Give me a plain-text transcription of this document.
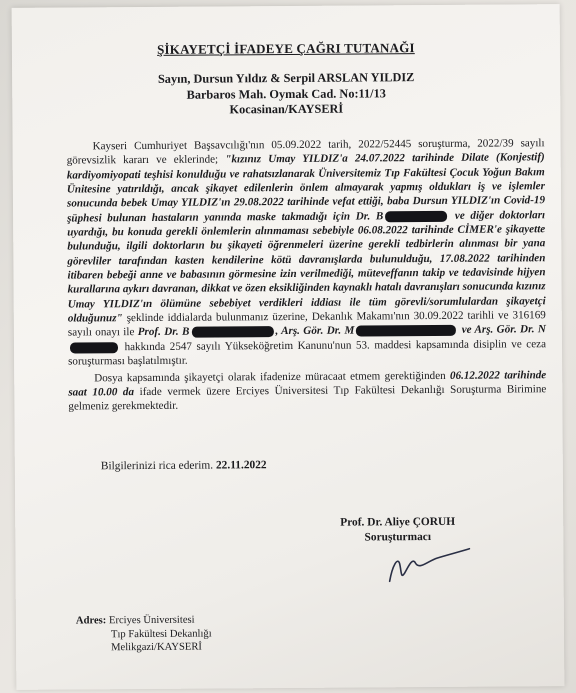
ŞİKAYETÇİ İFADEYE ÇAĞRI TUTANAĞI
Sayın, Dursun Yıldız & Serpil ARSLAN YILDIZ
Barbaros Mah. Oymak Cad. No:11/13
Kocasinan/KAYSERİ

Kayseri Cumhuriyet Başsavcılığı'nın 05.09.2022 tarih, 2022/52445 soruşturma, 2022/39 sayılı görevsizlik kararı ve eklerinde; "kızınız Umay YILDIZ'a 24.07.2022 tarihinde Dilate (Konjestif) kardiyomiyopati teşhisi konulduğu ve rahatsızlanarak Üniversitemiz Tıp Fakültesi Çocuk Yoğun Bakım Ünitesine yatırıldığı, ancak şikayet edilenlerin önlem almayarak yapmış oldukları iş ve işlemler sonucunda bebek Umay YILDIZ'ın 29.08.2022 tarihinde vefat ettiği, baba Dursun YILDIZ'ın Covid-19 şüphesi bulunan hastaların yanında maske takmadığı için Dr. B	ve diğer doktorları uyardığı, bu konuda gerekli önlemlerin alınmaması sebebiyle 06.08.2022 tarihinde CİMER'e şikayette bulunduğu, ilgili doktorların bu şikayeti öğrenmeleri üzerine gerekli tedbirlerin alınması bir yana görevliler tarafından kasten kendilerine kötü davranışlarda bulunulduğu, 17.08.2022 tarihinden itibaren bebeği anne ve babasının görmesine izin verilmediği, müteveffanın takip ve tedavisinde hijyen kurallarına aykırı davranan, dikkat ve özen eksikliğinden kaynaklı hatalı davranışları sonucunda kızınız Umay YILDIZ'ın ölümüne sebebiyet verdikleri iddiası ile tüm görevli/sorumlulardan şikayetçi olduğunuz" şeklinde iddialarda bulunmanız üzerine, Dekanlık Makamı'nın 30.09.2022 tarihli ve 316169 sayılı onayı ile Prof. Dr. B	, Arş. Gör. Dr. M	ve Arş. Gör. Dr. N hakkında 2547 sayılı Yükseköğretim Kanunu'nun 53. maddesi kapsamında disiplin ve ceza soruşturması başlatılmıştır.

Dosya kapsamında şikayetçi olarak ifadenize müracaat etmem gerektiğinden 06.12.2022 tarihinde saat 10.00 da ifade vermek üzere Erciyes Üniversitesi Tıp Fakültesi Dekanlığı Soruşturma Birimine gelmeniz gerekmektedir.

Bilgilerinizi rica ederim. 22.11.2022
Prof. Dr. Aliye ÇORUH
Soruşturmacı
Adres: Erciyes Üniversitesi
Tıp Fakültesi Dekanlığı
Melikgazi/KAYSERİ
